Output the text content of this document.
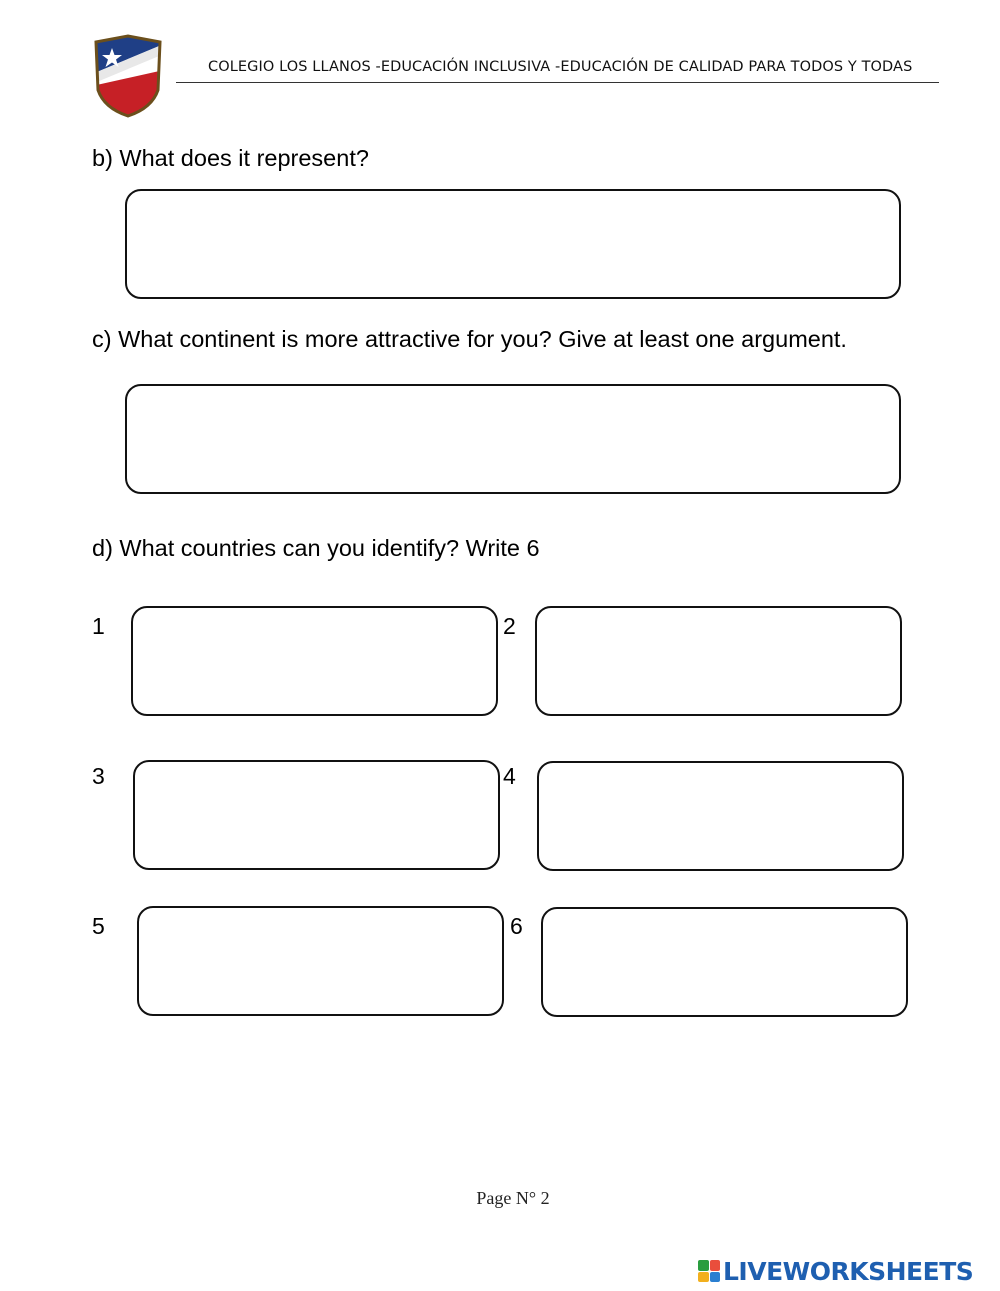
COLEGIO LOS LLANOS -EDUCACIÓN INCLUSIVA -EDUCACIÓN DE CALIDAD PARA TODOS Y TODAS
b) What does it represent?
c) What continent is more attractive for you? Give at least one argument.
d) What countries can you identify? Write 6
1	2
3	4
5	6
Page N° 2
LIVEWORKSHEETS
